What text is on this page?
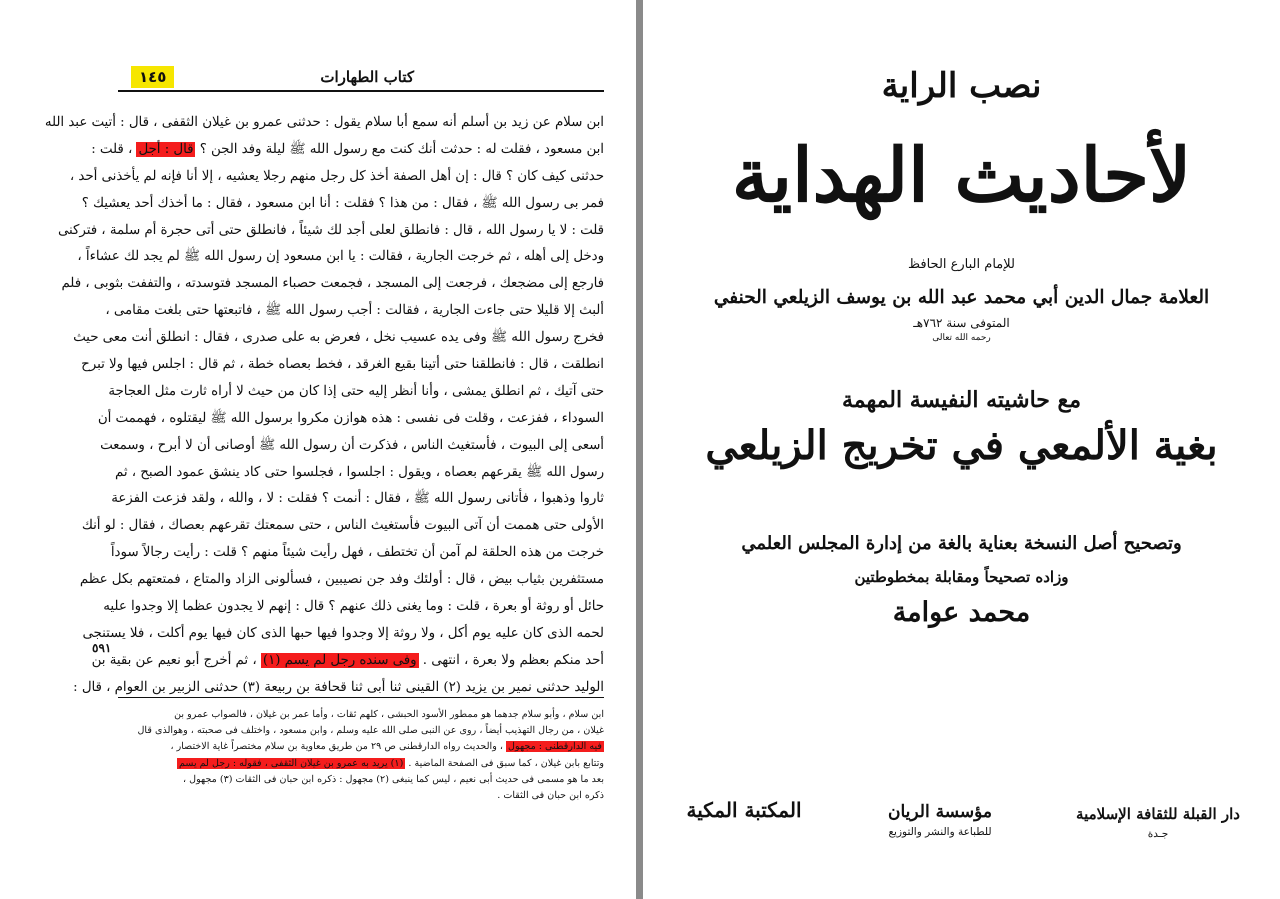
١٤٥	كتاب الطهارات

ابن سلام عن زيد بن أسلم أنه سمع أبا سلام يقول : حدثنى عمرو بن غيلان الثقفى ، قال : أتيت عبد الله

ابن مسعود ، فقلت له : حدثت أنك كنت مع رسول الله ﷺ ليلة وفد الجن ؟ قال : أجل ، قلت :

حدثنى كيف كان ؟ قال : إن أهل الصفة أخذ كل رجل منهم رجلا يعشيه ، إلا أنا فإنه لم يأخذنى أحد ،

فمر بى رسول الله ﷺ ، فقال : من هذا ؟ فقلت : أنا ابن مسعود ، فقال : ما أخذك أحد يعشيك ؟

قلت : لا يا رسول الله ، قال : فانطلق لعلى أجد لك شيئاً ، فانطلق حتى أتى حجرة أم سلمة ، فتركنى

ودخل إلى أهله ، ثم خرجت الجارية ، فقالت : يا ابن مسعود إن رسول الله ﷺ لم يجد لك عشاءاً ،

فارجع إلى مضجعك ، فرجعت إلى المسجد ، فجمعت حصباء المسجد فتوسدته ، والتففت بثوبى ، فلم

ألبث إلا قليلا حتى جاءت الجارية ، فقالت : أجب رسول الله ﷺ ، فاتبعتها حتى بلغت مقامى ،

فخرج رسول الله ﷺ وفى يده عسيب نخل ، فعرض به على صدرى ، فقال : انطلق أنت معى حيث

انطلقت ، قال : فانطلقنا حتى أتينا بقيع الغرقد ، فخط بعصاه خطة ، ثم قال : اجلس فيها ولا تبرح

حتى آتيك ، ثم انطلق يمشى ، وأنا أنظر إليه حتى إذا كان من حيث لا أراه ثارت مثل العجاجة

السوداء ، ففزعت ، وقلت فى نفسى : هذه هوازن مكروا برسول الله ﷺ ليقتلوه ، فهممت أن

أسعى إلى البيوت ، فأستغيث الناس ، فذكرت أن رسول الله ﷺ أوصانى أن لا أبرح ، وسمعت

رسول الله ﷺ يقرعهم بعصاه ، ويقول : اجلسوا ، فجلسوا حتى كاد ينشق عمود الصبح ، ثم

ثاروا وذهبوا ، فأتانى رسول الله ﷺ ، فقال : أنمت ؟ فقلت : لا ، والله ، ولقد فزعت الفزعة

الأولى حتى هممت أن آتى البيوت فأستغيث الناس ، حتى سمعتك تقرعهم بعصاك ، فقال : لو أنك

خرجت من هذه الحلقة لم آمن أن تختطف ، فهل رأيت شيئاً منهم ؟ قلت : رأيت رجالاً سوداً

مستثفرين بثياب بيض ، قال : أولئك وفد جن نصيبين ، فسألونى الزاد والمتاع ، فمتعتهم بكل عظم

حائل أو روثة أو بعرة ، قلت : وما يغنى ذلك عنهم ؟ قال : إنهم لا يجدون عظما إلا وجدوا عليه

لحمه الذى كان عليه يوم أكل ، ولا روثة إلا وجدوا فيها حبها الذى كان فيها يوم أكلت ، فلا يستنجى

أحد منكم بعظم ولا بعرة ، انتهى . وفى سنده رجل لم يسم (١) ، ثم أخرج أبو نعيم عن بقية بن

الوليد حدثنى نمير بن يزيد (٢) القينى ثنا أبى ثنا قحافة بن ربيعة (٣) حدثنى الزبير بن العوام ، قال :

٥٩١

ابن سلام ، وأبو سلام جدهما هو ممطور الأسود الحبشى ، كلهم ثقات ، وأما عمر بن غيلان ، فالصواب عمرو بن

غيلان ، من رجال التهذيب أيضاً ، روى عن النبى صلى الله عليه وسلم ، وابن مسعود ، واختلف فى صحبته ، وهوالذى قال

فيه الدارقطنى : مجهول ، والحديث رواه الدارقطنى ص ٢٩ من طريق معاوية بن سلام مختصراً غاية الاختصار ،

وتتابع بابن غيلان ، كما سبق فى الصفحة الماضية . (١) يريد به عمرو بن غيلان الثقفى ، فقوله : رجل لم يسم

بعد ما هو مسمى فى حديث أبى نعيم ، ليس كما ينبغى (٢) مجهول : ذكره ابن حبان فى الثقات (٣) مجهول ،

ذكره ابن حبان فى الثقات .

نصب الراية
لأحاديث الهداية
للإمام البارع الحافظ
العلامة جمال الدين أبي محمد عبد الله بن يوسف الزيلعي الحنفي
المتوفى سنة ٧٦٢هـ
رحمه الله تعالى
مع حاشيته النفيسة المهمة
بغية الألمعي في تخريج الزيلعي
وتصحيح أصل النسخة بعناية بالغة من إدارة المجلس العلمي
وزاده تصحيحاً ومقابلة بمخطوطتين
محمد عوامة
دار القبلة للثقافة الإسلامية
جـدة
مؤسسة الريان
للطباعة والنشر والتوزيع
المكتبة المكية
